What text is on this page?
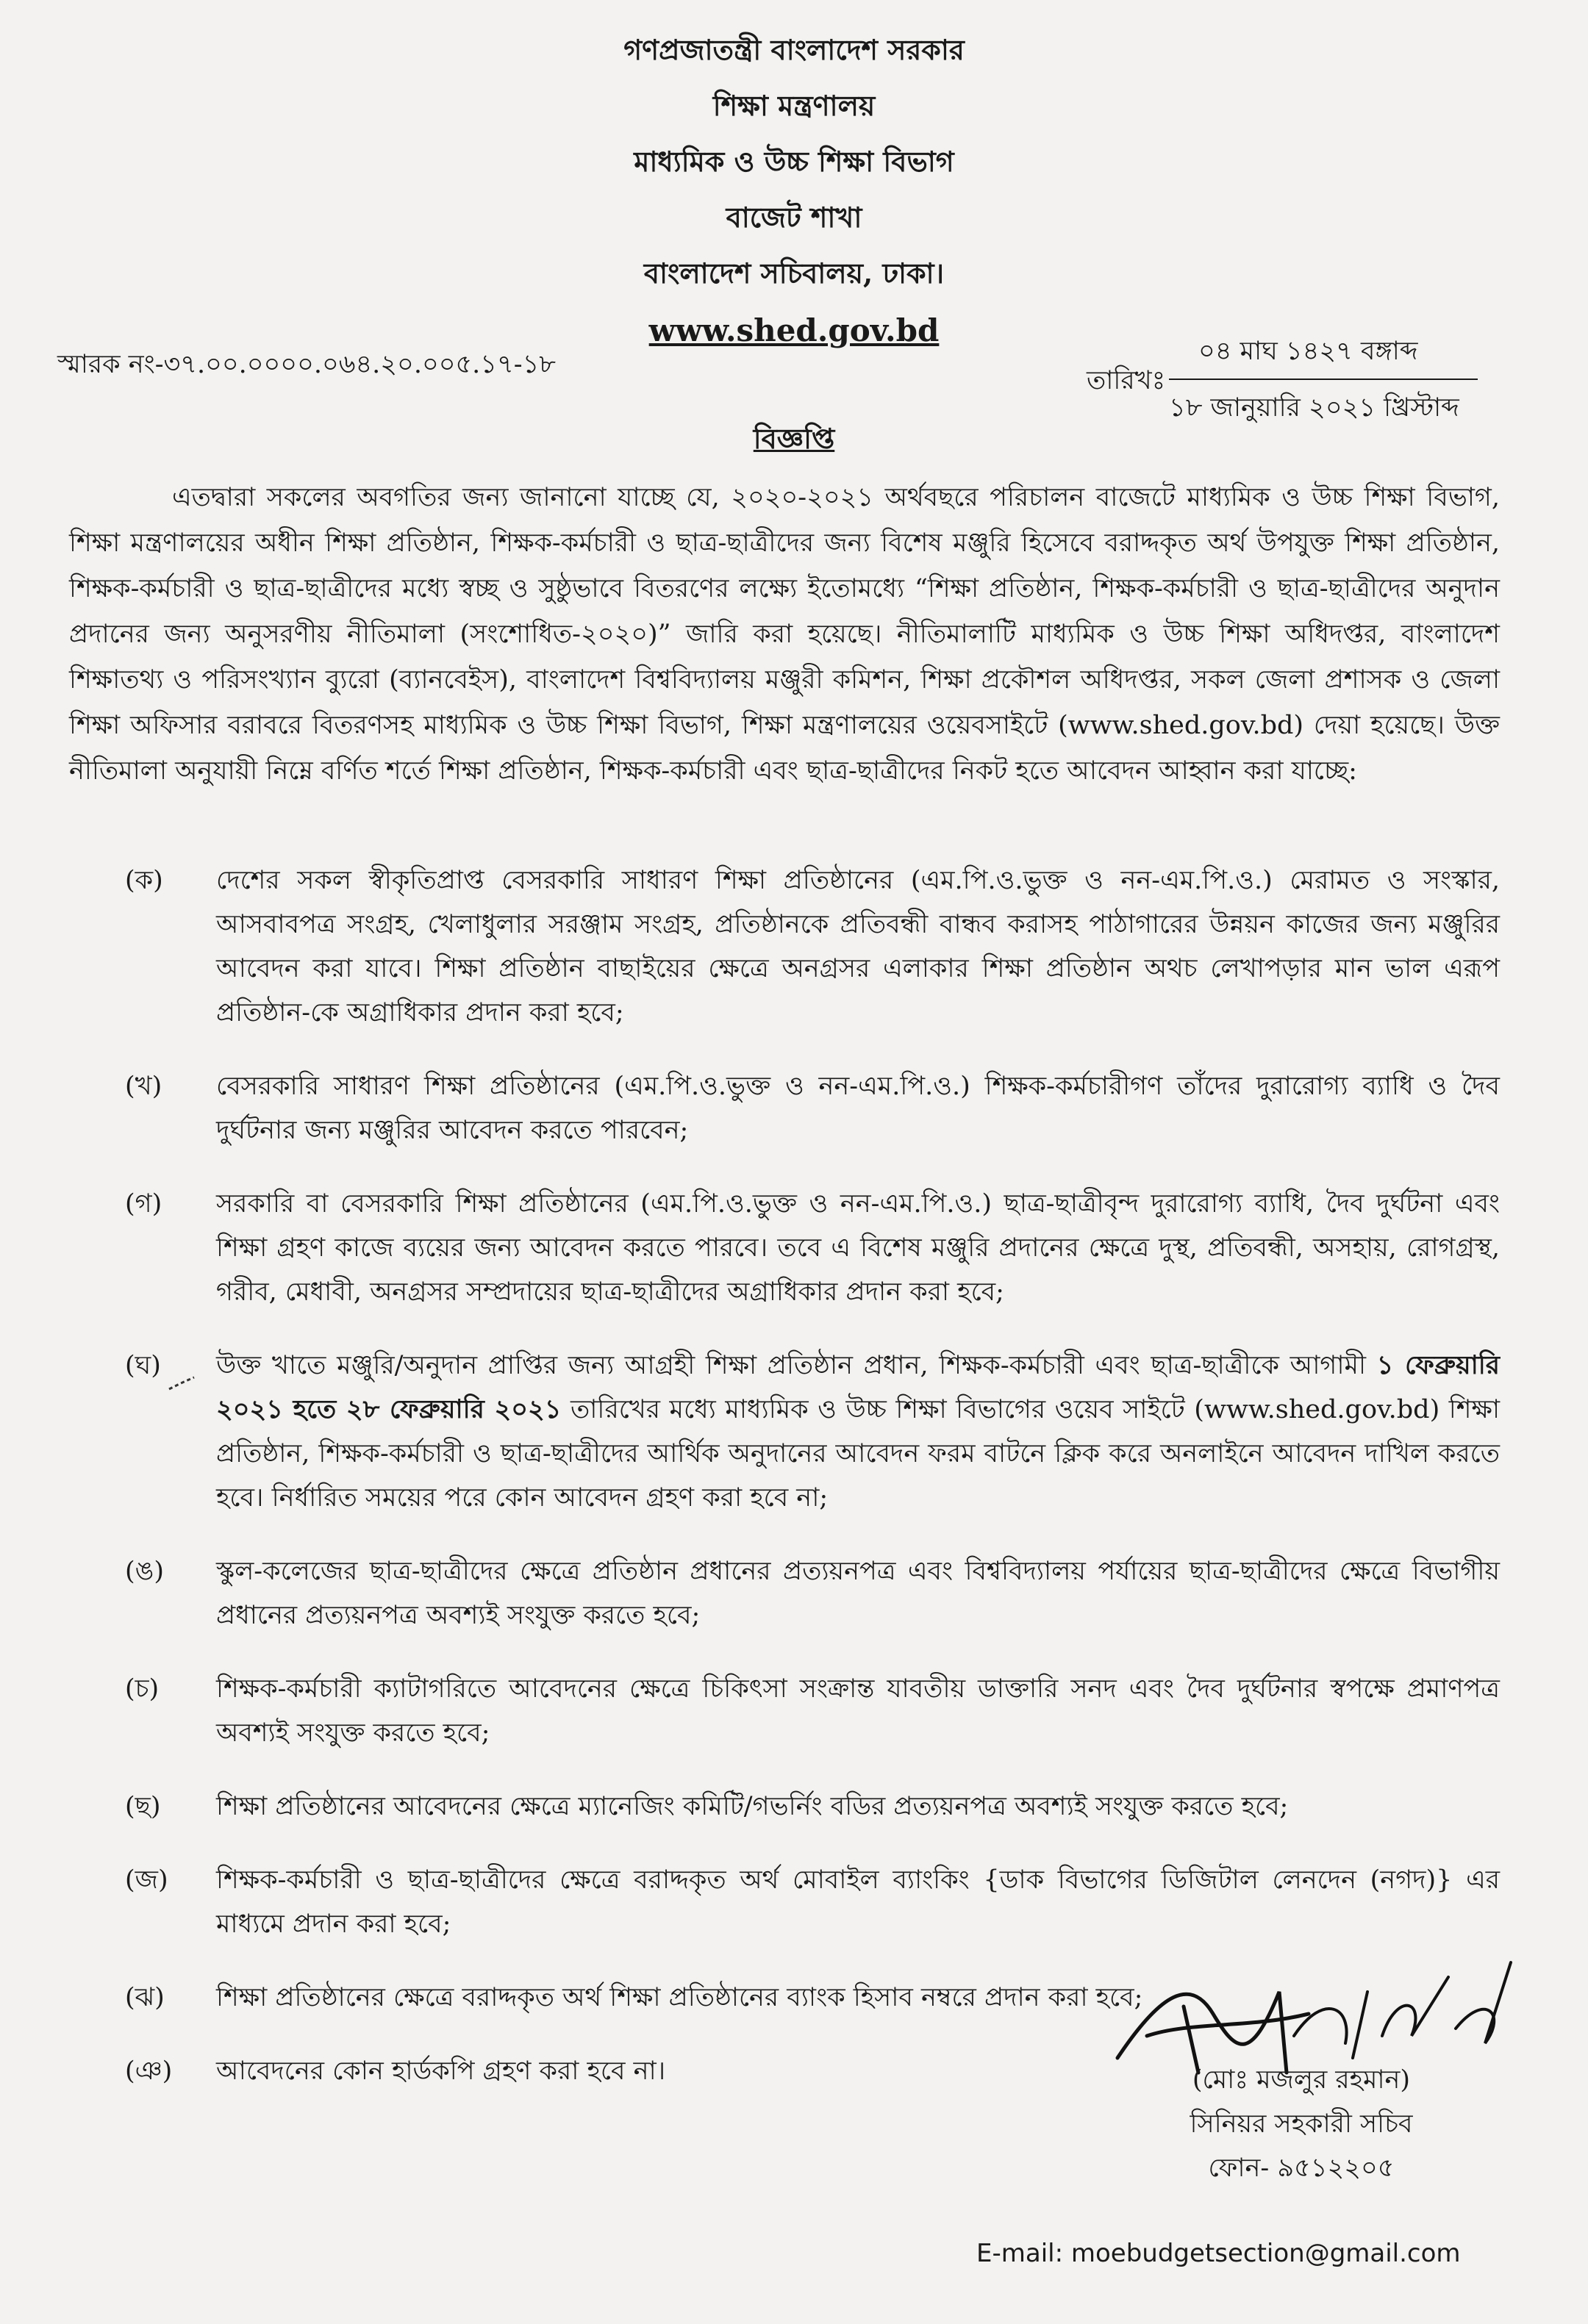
গণপ্রজাতন্ত্রী বাংলাদেশ সরকার
শিক্ষা মন্ত্রণালয়
মাধ্যমিক ও উচ্চ শিক্ষা বিভাগ
বাজেট শাখা
বাংলাদেশ সচিবালয়, ঢাকা।
www.shed.gov.bd
স্মারক নং-৩৭.০০.০০০০.০৬৪.২০.০০৫.১৭-১৮
তারিখঃ
০৪ মাঘ ১৪২৭ বঙ্গাব্দ
১৮ জানুয়ারি ২০২১ খ্রিস্টাব্দ
বিজ্ঞপ্তি

এতদ্বারা সকলের অবগতির জন্য জানানো যাচ্ছে যে, ২০২০-২০২১ অর্থবছরে পরিচালন বাজেটে মাধ্যমিক ও উচ্চ শিক্ষা বিভাগ, শিক্ষা মন্ত্রণালয়ের অধীন শিক্ষা প্রতিষ্ঠান, শিক্ষক-কর্মচারী ও ছাত্র-ছাত্রীদের জন্য বিশেষ মঞ্জুরি হিসেবে বরাদ্দকৃত অর্থ উপযুক্ত শিক্ষা প্রতিষ্ঠান, শিক্ষক-কর্মচারী ও ছাত্র-ছাত্রীদের মধ্যে স্বচ্ছ ও সুষ্ঠুভাবে বিতরণের লক্ষ্যে ইতোমধ্যে “শিক্ষা প্রতিষ্ঠান, শিক্ষক-কর্মচারী ও ছাত্র-ছাত্রীদের অনুদান প্রদানের জন্য অনুসরণীয় নীতিমালা (সংশোধিত-২০২০)” জারি করা হয়েছে। নীতিমালাটি মাধ্যমিক ও উচ্চ শিক্ষা অধিদপ্তর, বাংলাদেশ শিক্ষাতথ্য ও পরিসংখ্যান ব্যুরো (ব্যানবেইস), বাংলাদেশ বিশ্ববিদ্যালয় মঞ্জুরী কমিশন, শিক্ষা প্রকৌশল অধিদপ্তর, সকল জেলা প্রশাসক ও জেলা শিক্ষা অফিসার বরাবরে বিতরণসহ মাধ্যমিক ও উচ্চ শিক্ষা বিভাগ, শিক্ষা মন্ত্রণালয়ের ওয়েবসাইটে (www.shed.gov.bd) দেয়া হয়েছে। উক্ত নীতিমালা অনুযায়ী নিম্নে বর্ণিত শর্তে শিক্ষা প্রতিষ্ঠান, শিক্ষক-কর্মচারী এবং ছাত্র-ছাত্রীদের নিকট হতে আবেদন আহ্বান করা যাচ্ছে:

(ক)	দেশের সকল স্বীকৃতিপ্রাপ্ত বেসরকারি সাধারণ শিক্ষা প্রতিষ্ঠানের (এম.পি.ও.ভুক্ত ও নন-এম.পি.ও.) মেরামত ও সংস্কার, আসবাবপত্র সংগ্রহ, খেলাধুলার সরঞ্জাম সংগ্রহ, প্রতিষ্ঠানকে প্রতিবন্ধী বান্ধব করাসহ পাঠাগারের উন্নয়ন কাজের জন্য মঞ্জুরির আবেদন করা যাবে। শিক্ষা প্রতিষ্ঠান বাছাইয়ের ক্ষেত্রে অনগ্রসর এলাকার শিক্ষা প্রতিষ্ঠান অথচ লেখাপড়ার মান ভাল এরূপ প্রতিষ্ঠান-কে অগ্রাধিকার প্রদান করা হবে;
(খ)	বেসরকারি সাধারণ শিক্ষা প্রতিষ্ঠানের (এম.পি.ও.ভুক্ত ও নন-এম.পি.ও.) শিক্ষক-কর্মচারীগণ তাঁদের দুরারোগ্য ব্যাধি ও দৈব দুর্ঘটনার জন্য মঞ্জুরির আবেদন করতে পারবেন;
(গ)	সরকারি বা বেসরকারি শিক্ষা প্রতিষ্ঠানের (এম.পি.ও.ভুক্ত ও নন-এম.পি.ও.) ছাত্র-ছাত্রীবৃন্দ দুরারোগ্য ব্যাধি, দৈব দুর্ঘটনা এবং শিক্ষা গ্রহণ কাজে ব্যয়ের জন্য আবেদন করতে পারবে। তবে এ বিশেষ মঞ্জুরি প্রদানের ক্ষেত্রে দুস্থ, প্রতিবন্ধী, অসহায়, রোগগ্রস্থ, গরীব, মেধাবী, অনগ্রসর সম্প্রদায়ের ছাত্র-ছাত্রীদের অগ্রাধিকার প্রদান করা হবে;
(ঘ)	উক্ত খাতে মঞ্জুরি/অনুদান প্রাপ্তির জন্য আগ্রহী শিক্ষা প্রতিষ্ঠান প্রধান, শিক্ষক-কর্মচারী এবং ছাত্র-ছাত্রীকে আগামী ১ ফেব্রুয়ারি ২০২১ হতে ২৮ ফেব্রুয়ারি ২০২১ তারিখের মধ্যে মাধ্যমিক ও উচ্চ শিক্ষা বিভাগের ওয়েব সাইটে (www.shed.gov.bd) শিক্ষা প্রতিষ্ঠান, শিক্ষক-কর্মচারী ও ছাত্র-ছাত্রীদের আর্থিক অনুদানের আবেদন ফরম বাটনে ক্লিক করে অনলাইনে আবেদন দাখিল করতে হবে। নির্ধারিত সময়ের পরে কোন আবেদন গ্রহণ করা হবে না;
(ঙ)	স্কুল-কলেজের ছাত্র-ছাত্রীদের ক্ষেত্রে প্রতিষ্ঠান প্রধানের প্রত্যয়নপত্র এবং বিশ্ববিদ্যালয় পর্যায়ের ছাত্র-ছাত্রীদের ক্ষেত্রে বিভাগীয় প্রধানের প্রত্যয়নপত্র অবশ্যই সংযুক্ত করতে হবে;
(চ)	শিক্ষক-কর্মচারী ক্যাটাগরিতে আবেদনের ক্ষেত্রে চিকিৎসা সংক্রান্ত যাবতীয় ডাক্তারি সনদ এবং দৈব দুর্ঘটনার স্বপক্ষে প্রমাণপত্র অবশ্যই সংযুক্ত করতে হবে;
(ছ)	শিক্ষা প্রতিষ্ঠানের আবেদনের ক্ষেত্রে ম্যানেজিং কমিটি/গভর্নিং বডির প্রত্যয়নপত্র অবশ্যই সংযুক্ত করতে হবে;
(জ)	শিক্ষক-কর্মচারী ও ছাত্র-ছাত্রীদের ক্ষেত্রে বরাদ্দকৃত অর্থ মোবাইল ব্যাংকিং {ডাক বিভাগের ডিজিটাল লেনদেন (নগদ)} এর মাধ্যমে প্রদান করা হবে;
(ঝ)	শিক্ষা প্রতিষ্ঠানের ক্ষেত্রে বরাদ্দকৃত অর্থ শিক্ষা প্রতিষ্ঠানের ব্যাংক হিসাব নম্বরে প্রদান করা হবে;
(ঞ)	আবেদনের কোন হার্ডকপি গ্রহণ করা হবে না।	(মোঃ মজলুর রহমান)
সিনিয়র সহকারী সচিব
ফোন- ৯৫১২২০৫
E-mail: moebudgetsection@gmail.com
